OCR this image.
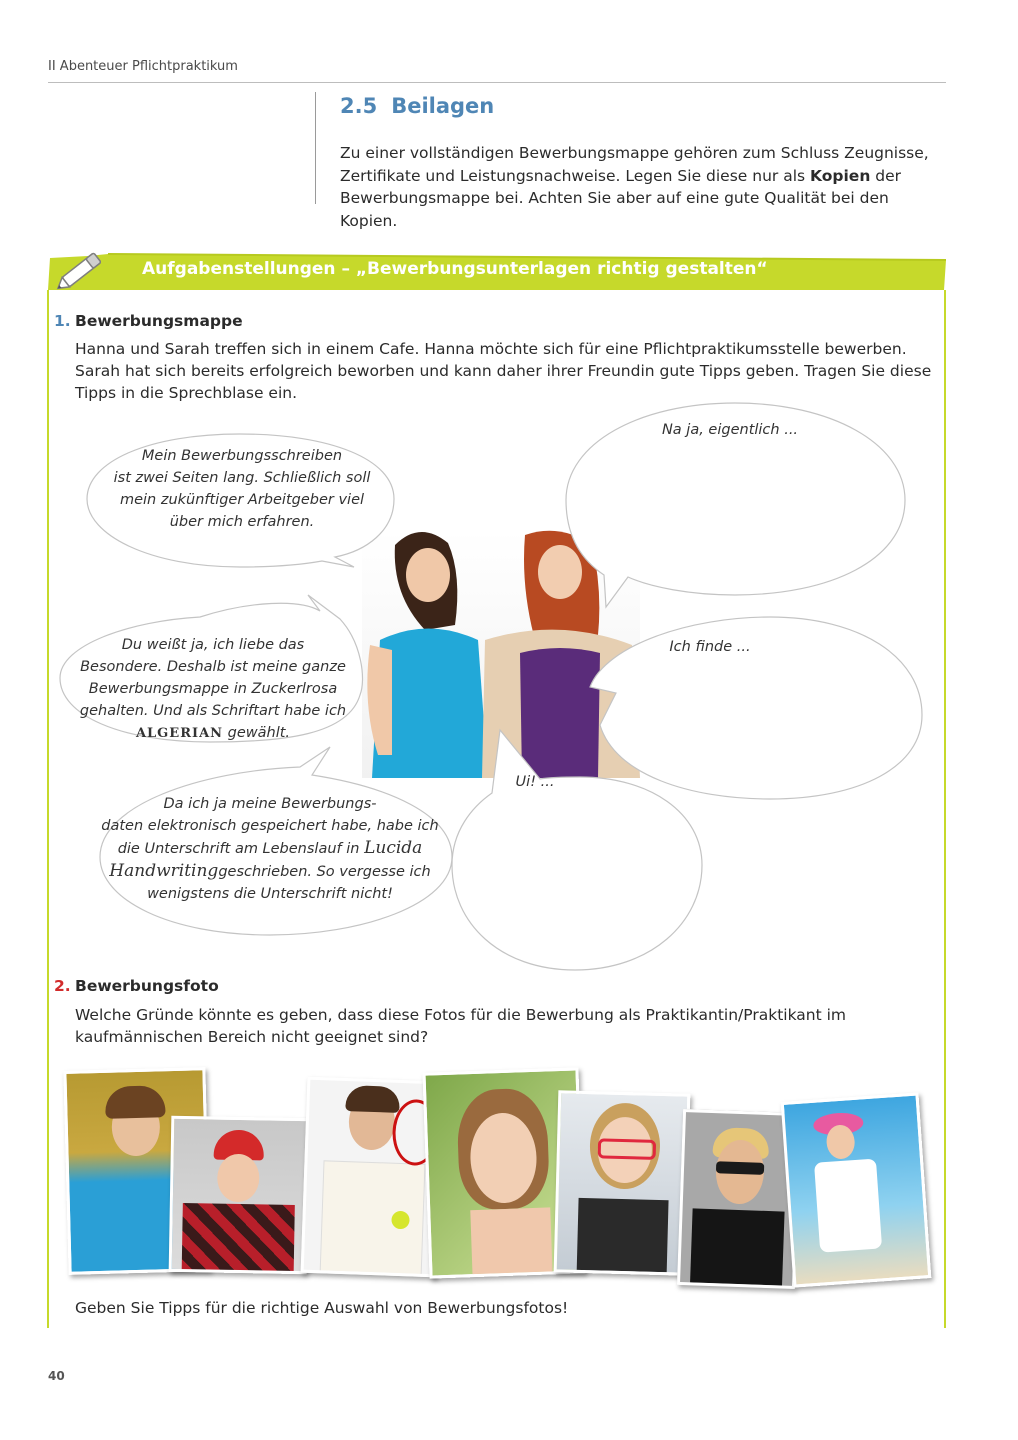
II Abenteuer Pflichtpraktikum
2.5 Beilagen
Zu einer vollständigen Bewerbungsmappe gehören zum Schluss Zeugnisse, Zertifikate und Leistungsnachweise. Legen Sie diese nur als Kopien der Bewerbungsmappe bei. Achten Sie aber auf eine gute Qualität bei den Kopien.
Aufgabenstellungen – „Bewerbungsunterlagen richtig gestalten“
1. Bewerbungsmappe
Hanna und Sarah treffen sich in einem Cafe. Hanna möchte sich für eine Pflichtpraktikumsstelle bewerben. Sarah hat sich bereits erfolgreich beworben und kann daher ihrer Freundin gute Tipps geben. Tragen Sie diese Tipps in die Sprechblase ein.
Mein Bewerbungsschreiben
ist zwei Seiten lang. Schließlich soll
mein zukünftiger Arbeitgeber viel
über mich erfahren.
Du weißt ja, ich liebe das
Besondere. Deshalb ist meine ganze
Bewerbungsmappe in Zuckerlrosa
gehalten. Und als Schriftart habe ich
ALGERIAN gewählt.
Da ich ja meine Bewerbungs-
daten elektronisch gespeichert habe, habe ich
die Unterschrift am Lebenslauf in Lucida
Handwritinggeschrieben. So vergesse ich
wenigstens die Unterschrift nicht!
Na ja, eigentlich ...
Ich finde ...
Ui! ...
2. Bewerbungsfoto
Welche Gründe könnte es geben, dass diese Fotos für die Bewerbung als Praktikantin/Praktikant im kaufmännischen Bereich nicht geeignet sind?
Geben Sie Tipps für die richtige Auswahl von Bewerbungsfotos!
40
